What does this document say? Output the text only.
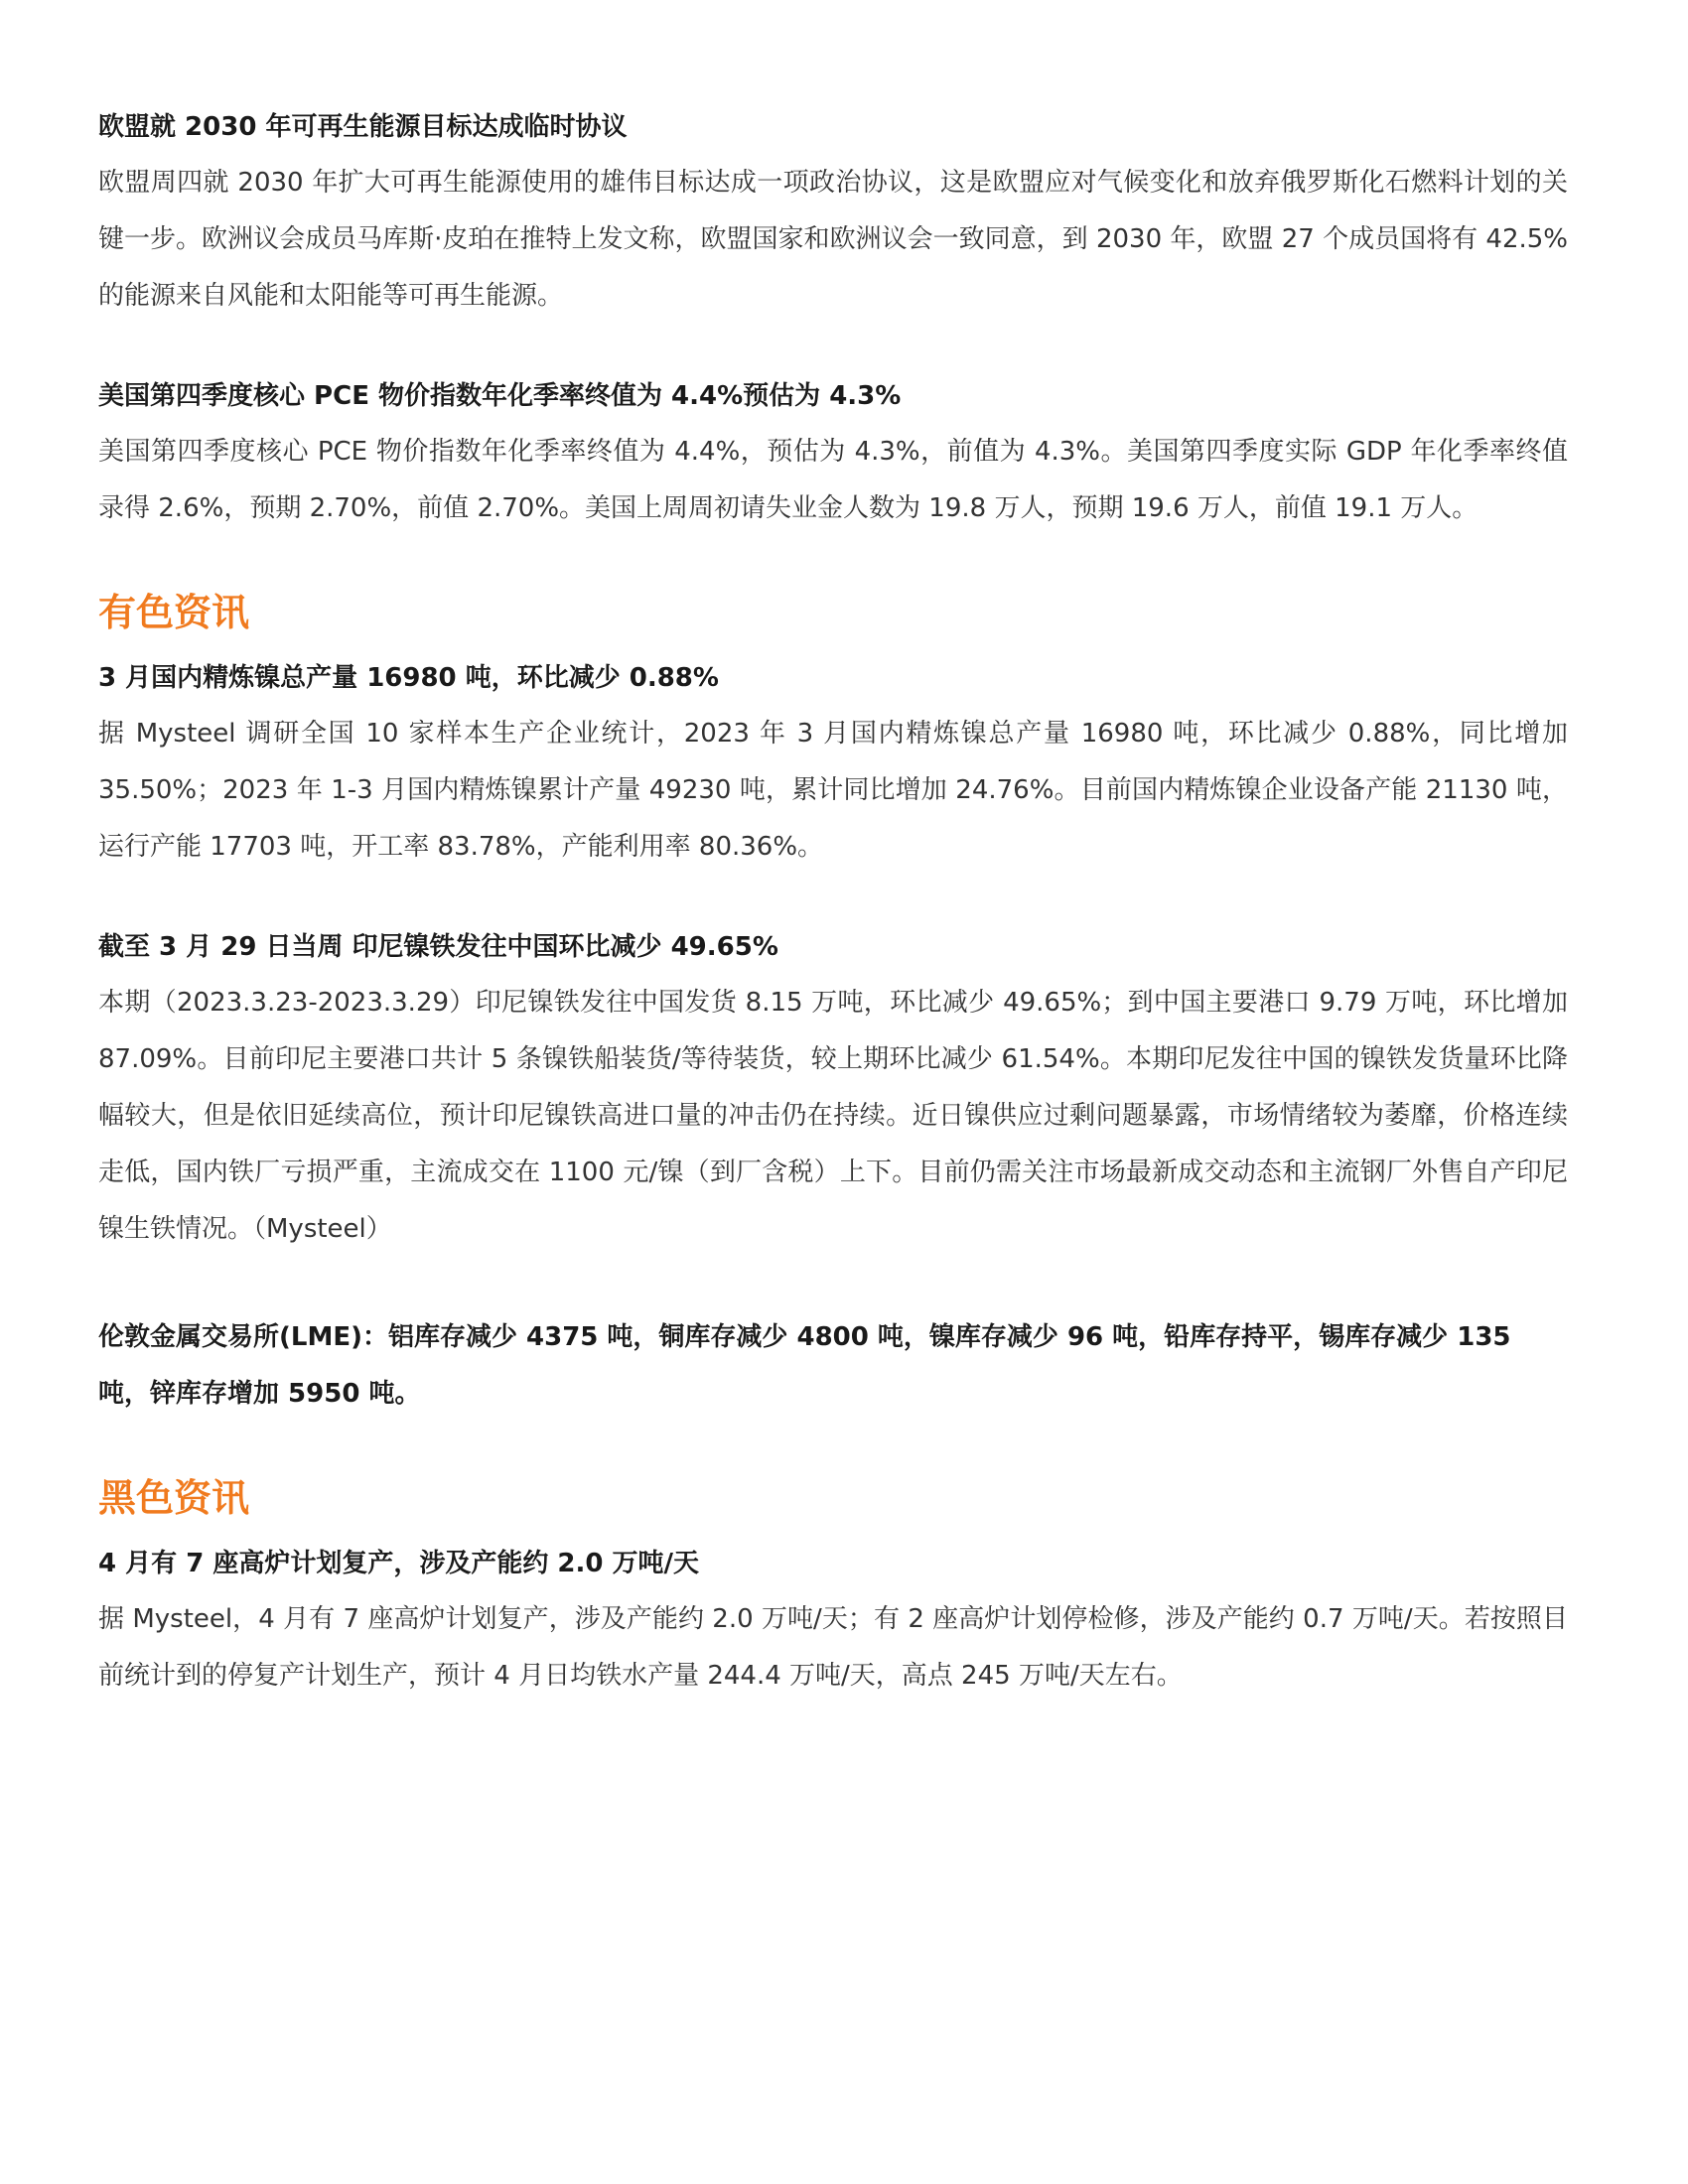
欧盟就 2030 年可再生能源目标达成临时协议

欧盟周四就 2030 年扩大可再生能源使用的雄伟目标达成一项政治协议，这是欧盟应对气候变化和放弃俄罗斯化石燃料计划的关键一步。欧洲议会成员马库斯·皮珀在推特上发文称，欧盟国家和欧洲议会一致同意，到 2030 年，欧盟 27 个成员国将有 42.5%的能源来自风能和太阳能等可再生能源。

美国第四季度核心 PCE 物价指数年化季率终值为 4.4%预估为 4.3%

美国第四季度核心 PCE 物价指数年化季率终值为 4.4%，预估为 4.3%，前值为 4.3%。美国第四季度实际 GDP 年化季率终值录得 2.6%，预期 2.70%，前值 2.70%。美国上周周初请失业金人数为 19.8 万人，预期 19.6 万人，前值 19.1 万人。

有色资讯

3 月国内精炼镍总产量 16980 吨，环比减少 0.88%

据 Mysteel 调研全国 10 家样本生产企业统计，2023 年 3 月国内精炼镍总产量 16980 吨，环比减少 0.88%，同比增加 35.50%；2023 年 1-3 月国内精炼镍累计产量 49230 吨，累计同比增加 24.76%。目前国内精炼镍企业设备产能 21130 吨，运行产能 17703 吨，开工率 83.78%，产能利用率 80.36%。

截至 3 月 29 日当周 印尼镍铁发往中国环比减少 49.65%

本期（2023.3.23-2023.3.29）印尼镍铁发往中国发货 8.15 万吨，环比减少 49.65%；到中国主要港口 9.79 万吨，环比增加 87.09%。目前印尼主要港口共计 5 条镍铁船装货/等待装货，较上期环比减少 61.54%。本期印尼发往中国的镍铁发货量环比降幅较大，但是依旧延续高位，预计印尼镍铁高进口量的冲击仍在持续。近日镍供应过剩问题暴露，市场情绪较为萎靡，价格连续走低，国内铁厂亏损严重，主流成交在 1100 元/镍（到厂含税）上下。目前仍需关注市场最新成交动态和主流钢厂外售自产印尼镍生铁情况。（Mysteel）

伦敦金属交易所(LME)：铝库存减少 4375 吨，铜库存减少 4800 吨，镍库存减少 96 吨，铅库存持平，锡库存减少 135 吨，锌库存增加 5950 吨。

黑色资讯

4 月有 7 座高炉计划复产，涉及产能约 2.0 万吨/天

据 Mysteel，4 月有 7 座高炉计划复产，涉及产能约 2.0 万吨/天；有 2 座高炉计划停检修，涉及产能约 0.7 万吨/天。若按照目前统计到的停复产计划生产，预计 4 月日均铁水产量 244.4 万吨/天，高点 245 万吨/天左右。
